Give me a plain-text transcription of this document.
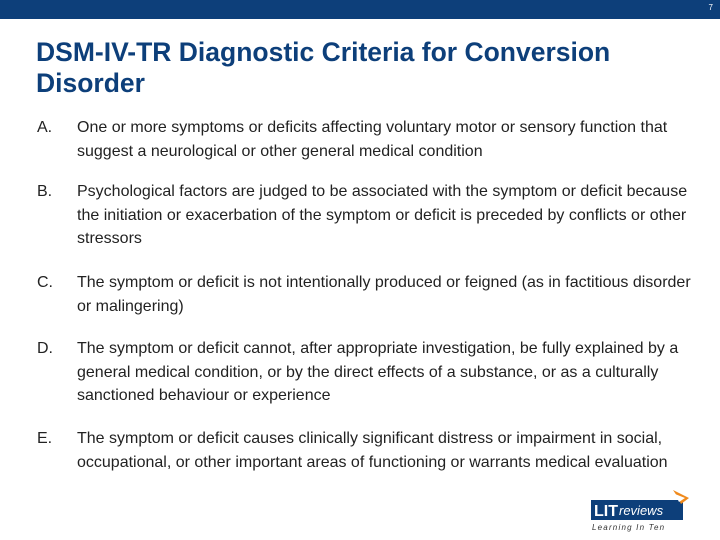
7
DSM-IV-TR Diagnostic Criteria for Conversion Disorder
A. One or more symptoms or deficits affecting voluntary motor or sensory function that suggest a neurological or other general medical condition
B. Psychological factors are judged to be associated with the symptom or deficit because the initiation or exacerbation of the symptom or deficit is preceded by conflicts or other stressors
C. The symptom or deficit is not intentionally produced or feigned (as in factitious disorder or malingering)
D. The symptom or deficit cannot, after appropriate investigation, be fully explained by a general medical condition, or by the direct effects of a substance, or as a culturally sanctioned behaviour or experience
E. The symptom or deficit causes clinically significant distress or impairment in social, occupational, or other important areas of functioning or warrants medical evaluation
LIT reviews
Learning In Ten
